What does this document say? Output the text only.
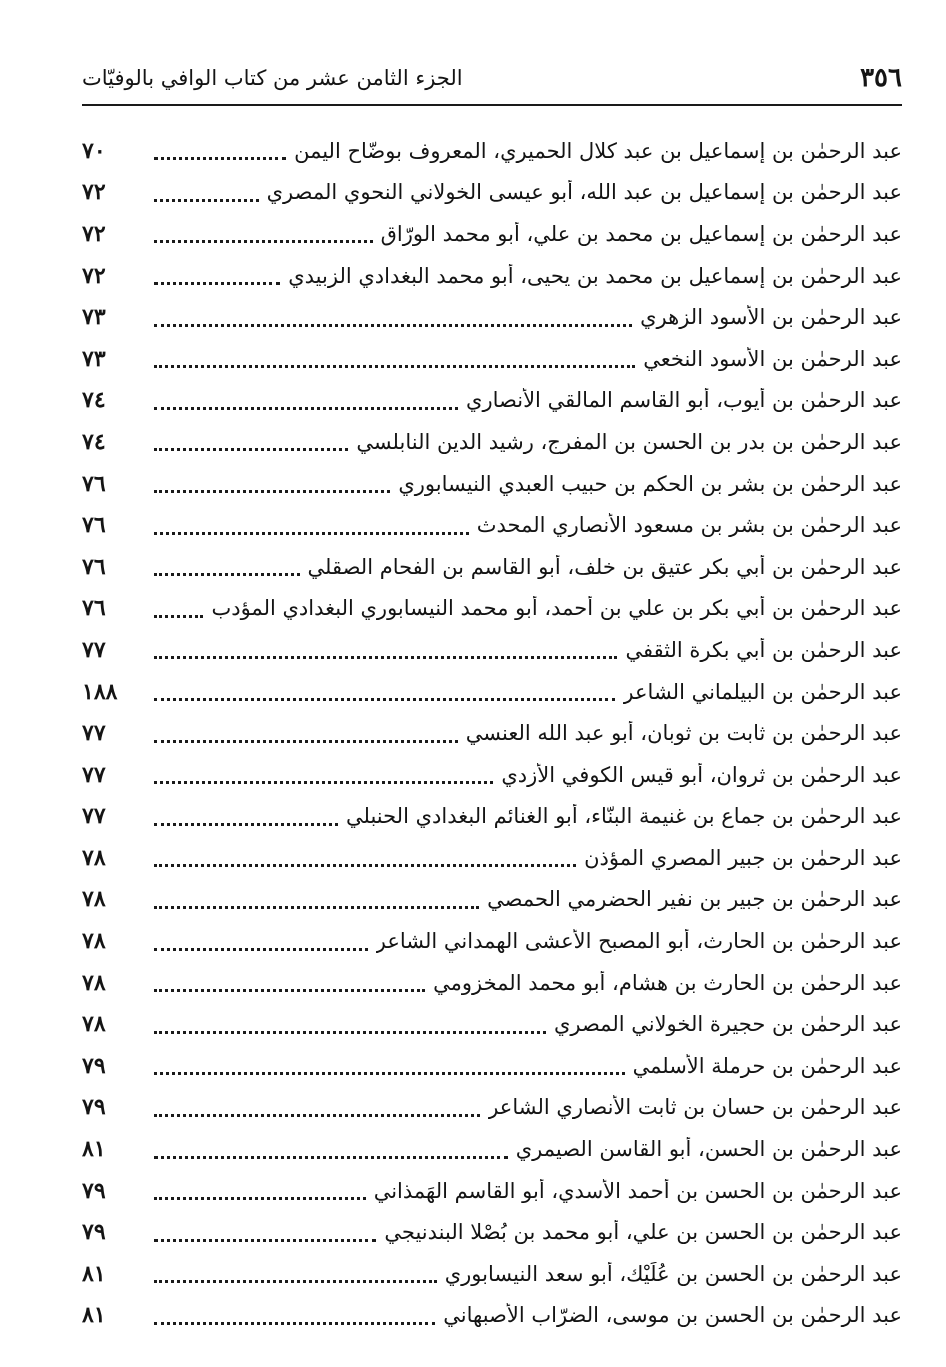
٣٥٦
الجزء الثامن عشر من كتاب الوافي بالوفيّات
عبد الرحمٰن بن إسماعيل بن عبد كلال الحميري، المعروف بوضّاح اليمن
٧٠
عبد الرحمٰن بن إسماعيل بن عبد الله، أبو عيسى الخولاني النحوي المصري
٧٢
عبد الرحمٰن بن إسماعيل بن محمد بن علي، أبو محمد الورّاق
٧٢
عبد الرحمٰن بن إسماعيل بن محمد بن يحيى، أبو محمد البغدادي الزبيدي
٧٢
عبد الرحمٰن بن الأسود الزهري
٧٣
عبد الرحمٰن بن الأسود النخعي
٧٣
عبد الرحمٰن بن أيوب، أبو القاسم المالقي الأنصاري
٧٤
عبد الرحمٰن بن بدر بن الحسن بن المفرج، رشيد الدين النابلسي
٧٤
عبد الرحمٰن بن بشر بن الحكم بن حبيب العبدي النيسابوري
٧٦
عبد الرحمٰن بن بشر بن مسعود الأنصاري المحدث
٧٦
عبد الرحمٰن بن أبي بكر عتيق بن خلف، أبو القاسم بن الفحام الصقلي
٧٦
عبد الرحمٰن بن أبي بكر بن علي بن أحمد، أبو محمد النيسابوري البغدادي المؤدب
٧٦
عبد الرحمٰن بن أبي بكرة الثقفي
٧٧
عبد الرحمٰن بن البيلماني الشاعر
١٨٨
عبد الرحمٰن بن ثابت بن ثوبان، أبو عبد الله العنسي
٧٧
عبد الرحمٰن بن ثروان، أبو قيس الكوفي الأزدي
٧٧
عبد الرحمٰن بن جماع بن غنيمة البنّاء، أبو الغنائم البغدادي الحنبلي
٧٧
عبد الرحمٰن بن جبير المصري المؤذن
٧٨
عبد الرحمٰن بن جبير بن نفير الحضرمي الحمصي
٧٨
عبد الرحمٰن بن الحارث، أبو المصبح الأعشى الهمداني الشاعر
٧٨
عبد الرحمٰن بن الحارث بن هشام، أبو محمد المخزومي
٧٨
عبد الرحمٰن بن حجيرة الخولاني المصري
٧٨
عبد الرحمٰن بن حرملة الأسلمي
٧٩
عبد الرحمٰن بن حسان بن ثابت الأنصاري الشاعر
٧٩
عبد الرحمٰن بن الحسن، أبو القاسن الصيمري
٨١
عبد الرحمٰن بن الحسن بن أحمد الأسدي، أبو القاسم الهَمذاني
٧٩
عبد الرحمٰن بن الحسن بن علي، أبو محمد بن بُصْلا البندنيجي
٧٩
عبد الرحمٰن بن الحسن بن عُلَيْك، أبو سعد النيسابوري
٨١
عبد الرحمٰن بن الحسن بن موسى، الضرّاب الأصبهاني
٨١
